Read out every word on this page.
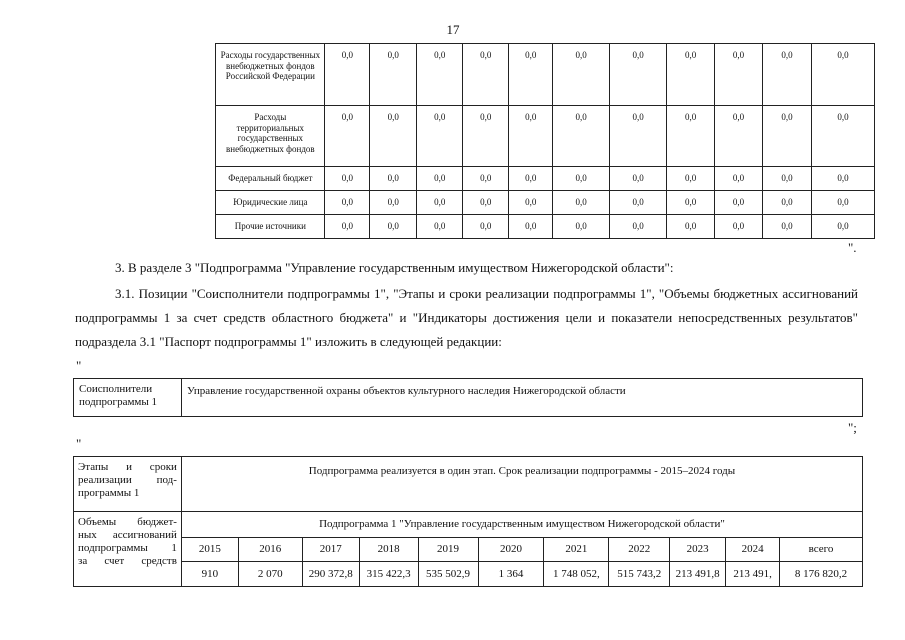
17
	Расходы государственных внебюджетных фондов Российской Федерации	0,0	0,0	0,0	0,0	0,0	0,0	0,0	0,0	0,0	0,0	0,0
	Расходы территориальных государственных внебюджетных фондов	0,0	0,0	0,0	0,0	0,0	0,0	0,0	0,0	0,0	0,0	0,0
	Федеральный бюджет	0,0	0,0	0,0	0,0	0,0	0,0	0,0	0,0	0,0	0,0	0,0
	Юридические лица	0,0	0,0	0,0	0,0	0,0	0,0	0,0	0,0	0,0	0,0	0,0
	Прочие источники	0,0	0,0	0,0	0,0	0,0	0,0	0,0	0,0	0,0	0,0	0,0
".
3. В разделе 3 "Подпрограмма "Управление государственным имуществом Нижегородской области":
3.1. Позиции "Соисполнители подпрограммы 1", "Этапы и сроки реализации подпрограммы 1", "Объемы бюджетных ассигнований подпрограммы 1 за счет средств областного бюджета" и "Индикаторы достижения цели и показатели непосредственных результатов" подраздела 3.1 "Паспорт подпрограммы 1" изложить в следующей редакции:
"
Соисполнители
подпрограммы 1
	Управление государственной охраны объектов культурного наследия Нижегородской области
";
"
Этапы и сроки
реализации под-
программы 1	Подпрограмма реализуется в один этап. Срок реализации подпрограммы - 2015–2024 годы										

Объемы бюджет-
ных ассигнований
подпрограммы 1
за счет средств	Подпрограмма 1 "Управление государственным имуществом Нижегородской области"										
	2015	2016	2017	2018	2019	2020	2021	2022	2023	2024	всего
	910	2 070	290 372,8	315 422,3	535 502,9	1 364	1 748 052,	515 743,2	213 491,8	213 491,	8 176 820,2
